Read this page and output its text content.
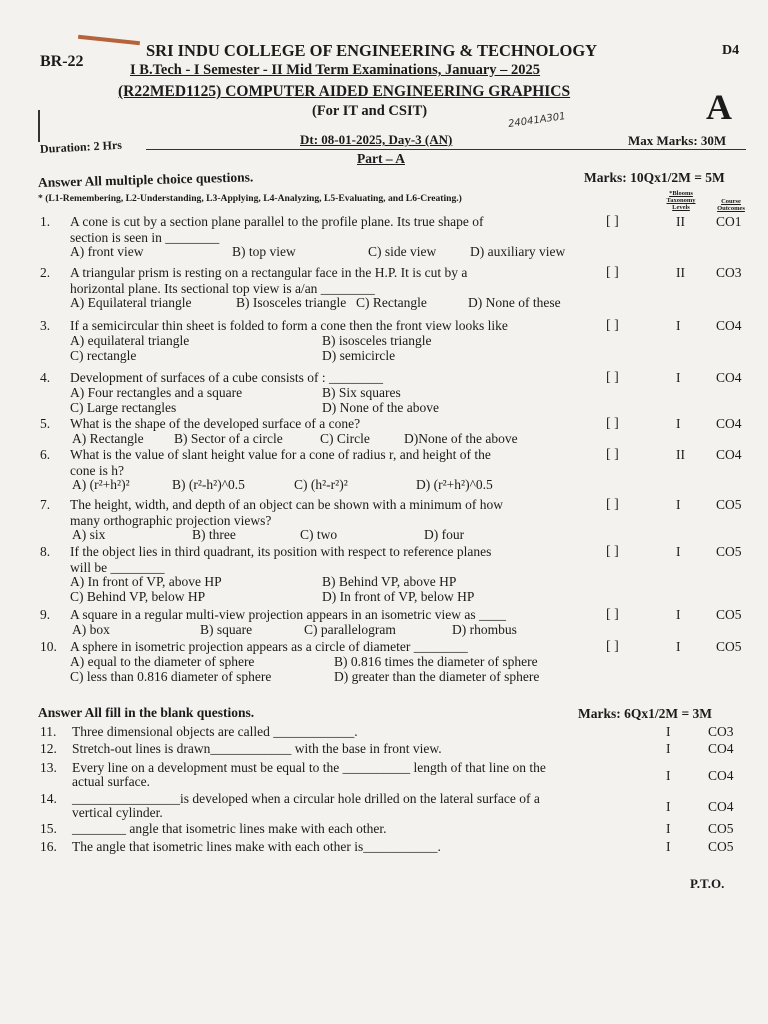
BR-22
SRI INDU COLLEGE OF ENGINEERING & TECHNOLOGY	D4
I B.Tech - I Semester - II Mid Term Examinations, January – 2025
(R22MED1125) COMPUTER AIDED ENGINEERING GRAPHICS
(For IT and CSIT)	A
Duration: 2 Hrs	Dt: 08-01-2025, Day-3 (AN)
24041A301
Max Marks: 30M
Part – A
Answer All multiple choice questions.	Marks: 10Qx1/2M = 5M
* (L1-Remembering, L2-Understanding, L3-Applying, L4-Analyzing, L5-Evaluating, and L6-Creating.)	*Blooms Taxonomy Levels
Course Outcomes
1. A cone is cut by a section plane parallel to the profile plane. Its true shape of
section is seen in ________
[ ]	II CO1
A) front view	B) top view	C) side view	D) auxiliary view
2. A triangular prism is resting on a rectangular face in the H.P. It is cut by a
horizontal plane. Its sectional top view is a/an ________
[ ]	II CO3
A) Equilateral triangle	B) Isosceles triangle C) Rectangle	D) None of these
3. If a semicircular thin sheet is folded to form a cone then the front view looks like	[ ]	I	CO4
A) equilateral triangle	B) isosceles triangle
C) rectangle	D) semicircle
4. Development of surfaces of a cube consists of : ________	[ ]	I	CO4
A) Four rectangles and a square	B) Six squares
C) Large rectangles	D) None of the above
5. What is the shape of the developed surface of a cone?	[ ]	I	CO4
A) Rectangle B) Sector of a circle	C) Circle	D)None of the above
6. What is the value of slant height value for a cone of radius r, and height of the
cone is h?
[ ]	II CO4
A) (r²+h²)²	B) (r²-h²)^0.5	C) (h²-r²)²	D) (r²+h²)^0.5
7. The height, width, and depth of an object can be shown with a minimum of how
many orthographic projection views?
[ ]	I	CO5
A) six	B) three	C) two	D) four
8. If the object lies in third quadrant, its position with respect to reference planes
will be ________
[ ]	I	CO5
A) In front of VP, above HP	B) Behind VP, above HP
C) Behind VP, below HP	D) In front of VP, below HP
9. A square in a regular multi-view projection appears in an isometric view as ____	[ ]	I	CO5
A) box	B) square	C) parallelogram	D) rhombus
10. A sphere in isometric projection appears as a circle of diameter ________	[ ]	I	CO5
A) equal to the diameter of sphere	B) 0.816 times the diameter of sphere
C) less than 0.816 diameter of sphere	D) greater than the diameter of sphere
Answer All fill in the blank questions.	Marks: 6Qx1/2M = 3M
11. Three dimensional objects are called ____________.	I	CO3
12. Stretch-out lines is drawn____________ with the base in front view.	I	CO4
13. Every line on a development must be equal to the __________ length of that line on the
actual surface.	I	CO4
14. ________________is developed when a circular hole drilled on the lateral surface of a
vertical cylinder.	I	CO4
15. ________ angle that isometric lines make with each other.	I	CO5
16. The angle that isometric lines make with each other is___________.	I	CO5
P.T.O.
